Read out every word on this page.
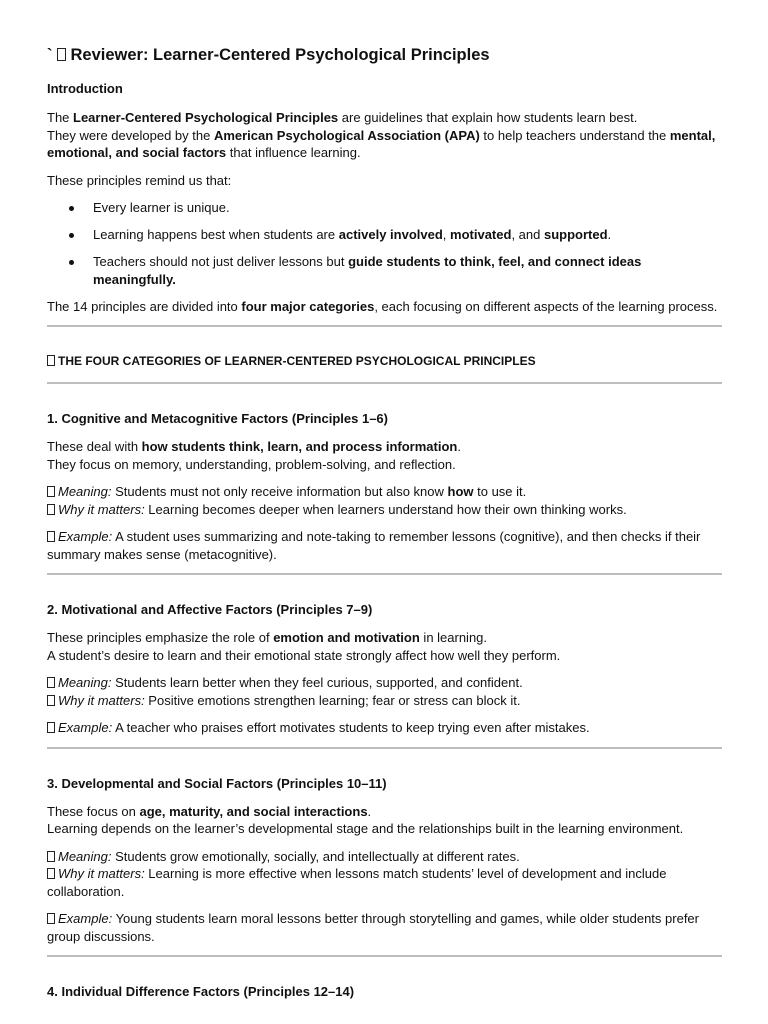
` Reviewer: Learner-Centered Psychological Principles
Introduction

The Learner-Centered Psychological Principles are guidelines that explain how students learn best.
They were developed by the American Psychological Association (APA) to help teachers understand the mental, emotional, and social factors that influence learning.

These principles remind us that:

Every learner is unique.
Learning happens best when students are actively involved, motivated, and supported.
Teachers should not just deliver lessons but guide students to think, feel, and connect ideas meaningfully.

The 14 principles are divided into four major categories, each focusing on different aspects of the learning process.

THE FOUR CATEGORIES OF LEARNER-CENTERED PSYCHOLOGICAL PRINCIPLES
1. Cognitive and Metacognitive Factors (Principles 1–6)

These deal with how students think, learn, and process information.
They focus on memory, understanding, problem-solving, and reflection.

Meaning: Students must not only receive information but also know how to use it.
Why it matters: Learning becomes deeper when learners understand how their own thinking works.

Example: A student uses summarizing and note-taking to remember lessons (cognitive), and then checks if their summary makes sense (metacognitive).

2. Motivational and Affective Factors (Principles 7–9)

These principles emphasize the role of emotion and motivation in learning.
A student’s desire to learn and their emotional state strongly affect how well they perform.

Meaning: Students learn better when they feel curious, supported, and confident.
Why it matters: Positive emotions strengthen learning; fear or stress can block it.

Example: A teacher who praises effort motivates students to keep trying even after mistakes.

3. Developmental and Social Factors (Principles 10–11)

These focus on age, maturity, and social interactions.
Learning depends on the learner’s developmental stage and the relationships built in the learning environment.

Meaning: Students grow emotionally, socially, and intellectually at different rates.
Why it matters: Learning is more effective when lessons match students’ level of development and include collaboration.

Example: Young students learn moral lessons better through storytelling and games, while older students prefer group discussions.

4. Individual Difference Factors (Principles 12–14)
